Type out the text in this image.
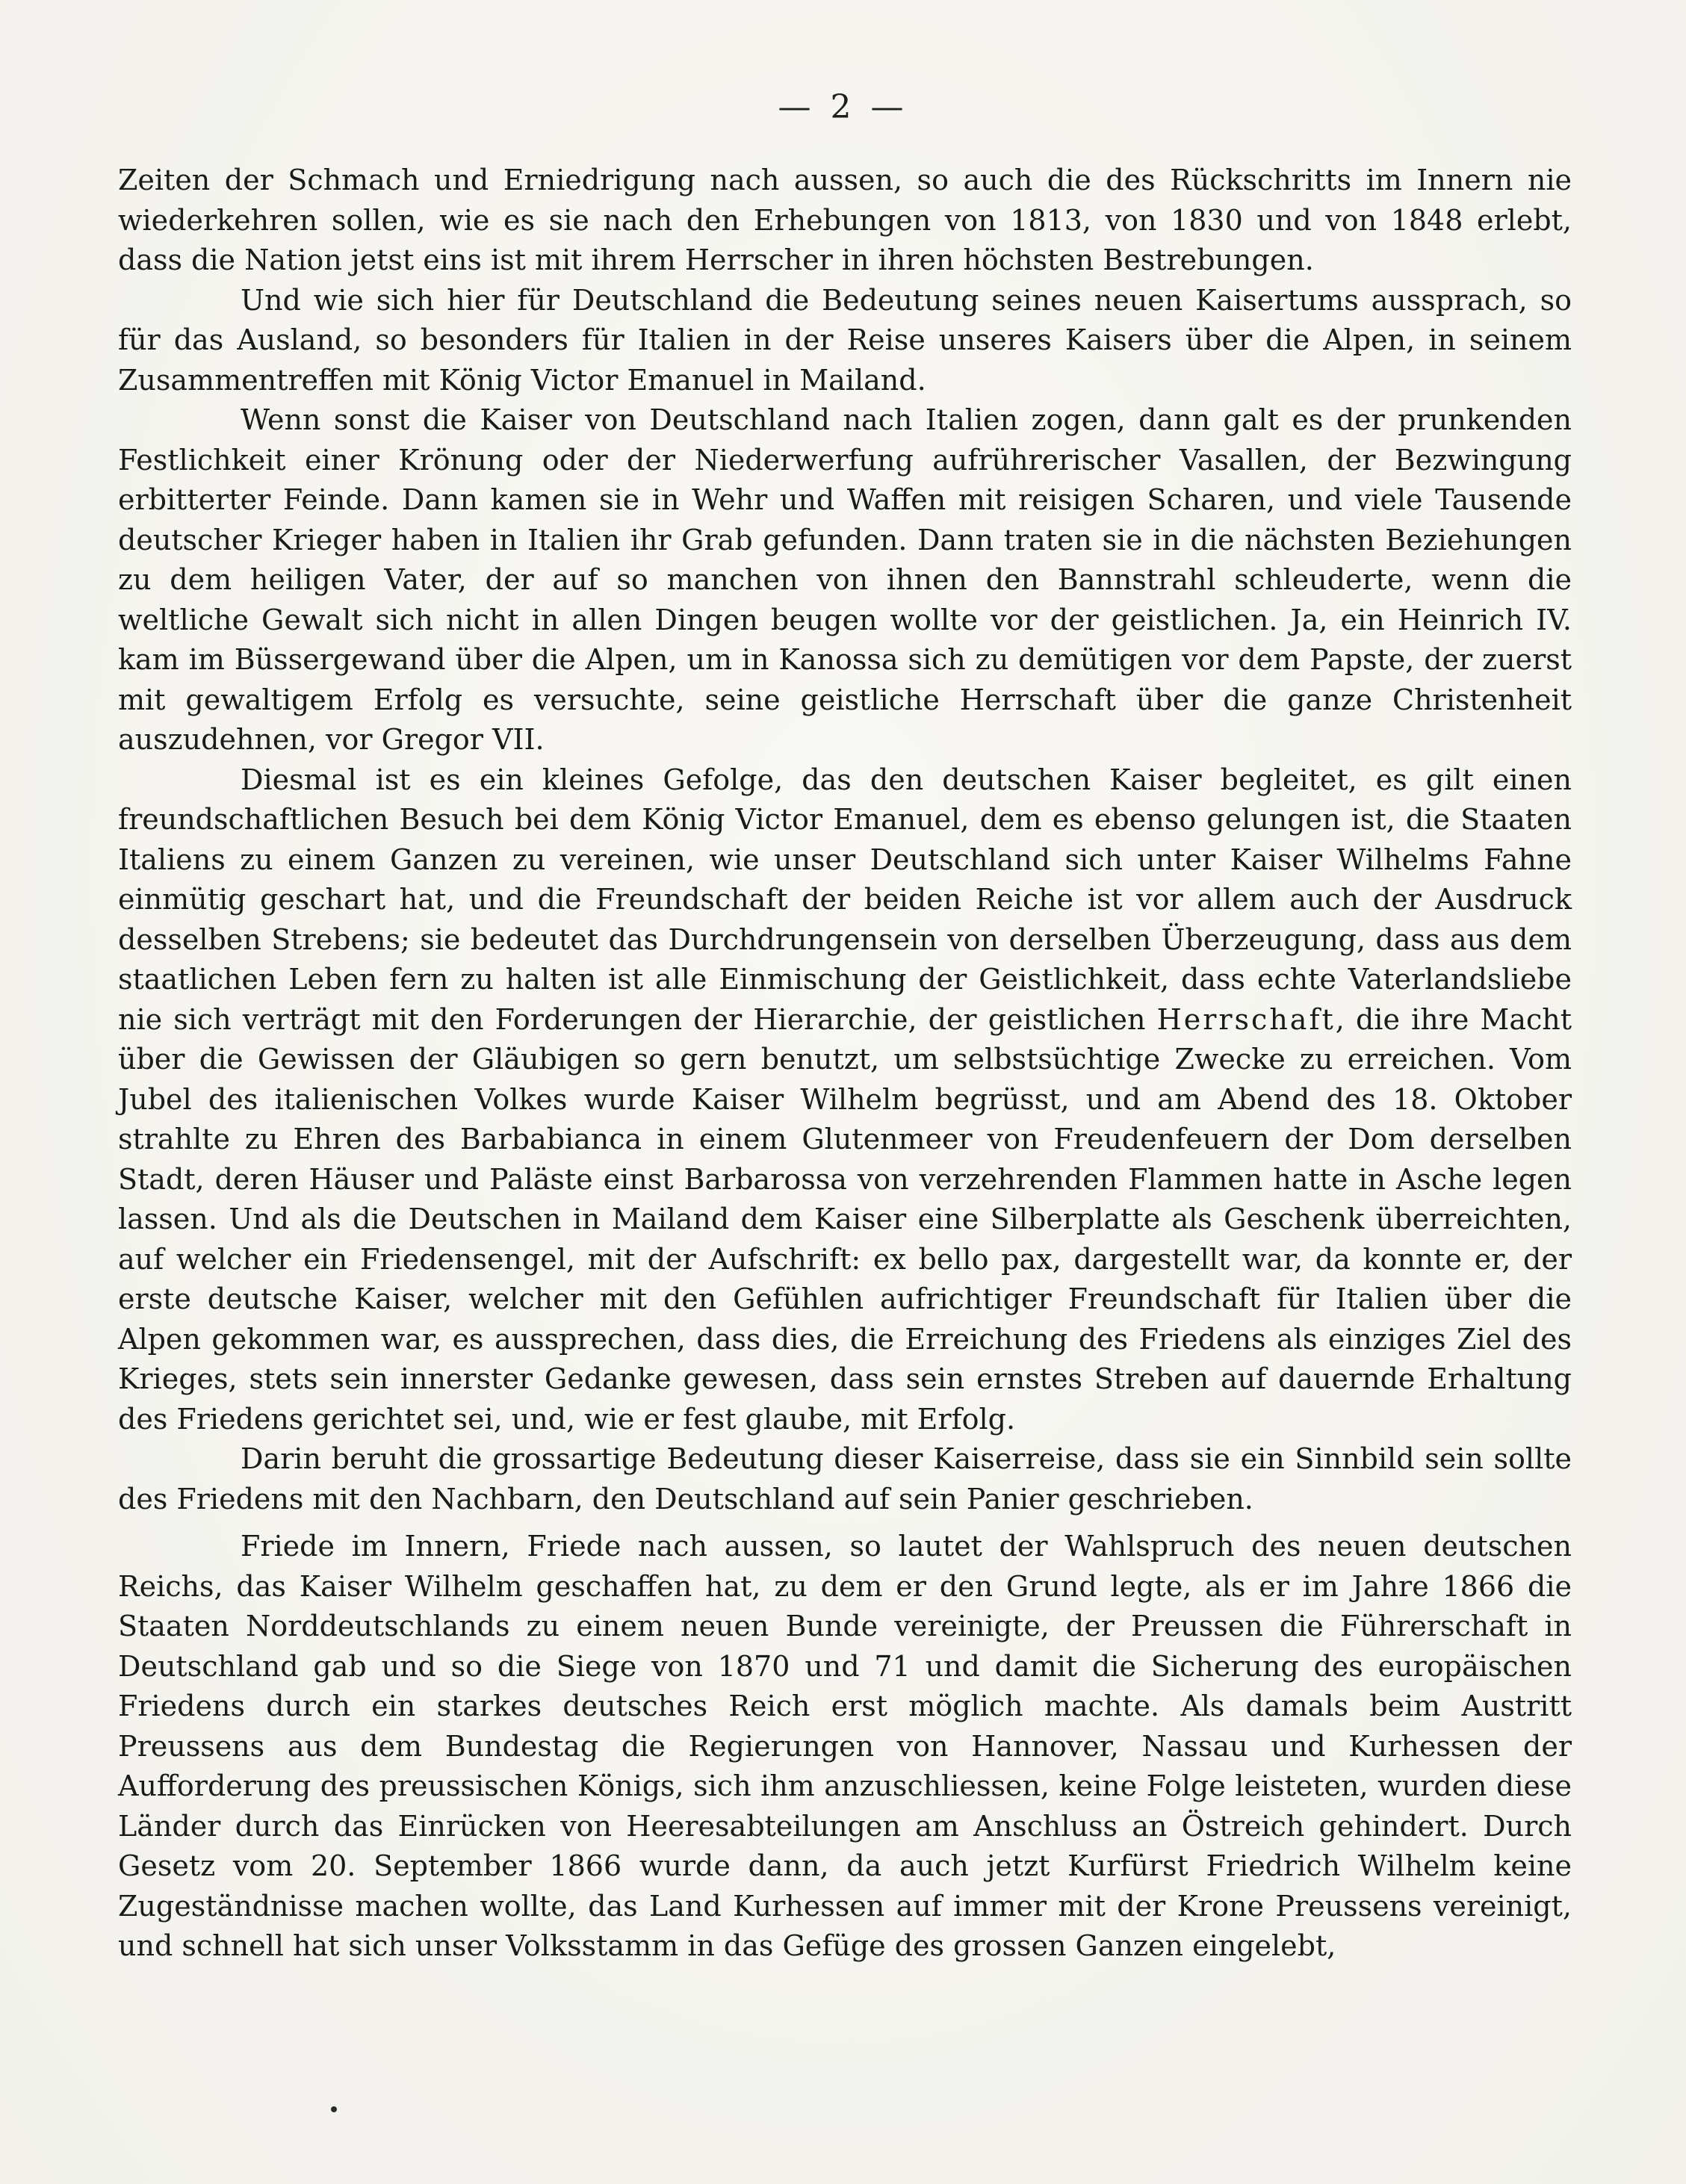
— 2 —

Zeiten der Schmach und Erniedrigung nach aussen, so auch die des Rückschritts im Innern nie wiederkehren sollen, wie es sie nach den Erhebungen von 1813, von 1830 und von 1848 erlebt, dass die Nation jetst eins ist mit ihrem Herrscher in ihren höchsten Bestrebungen.

Und wie sich hier für Deutschland die Bedeutung seines neuen Kaisertums aussprach, so für das Ausland, so besonders für Italien in der Reise unseres Kaisers über die Alpen, in seinem Zusammentreffen mit König Victor Emanuel in Mailand.

Wenn sonst die Kaiser von Deutschland nach Italien zogen, dann galt es der prunkenden Festlichkeit einer Krönung oder der Niederwerfung aufrührerischer Vasallen, der Bezwingung erbitterter Feinde. Dann kamen sie in Wehr und Waffen mit reisigen Scharen, und viele Tausende deutscher Krieger haben in Italien ihr Grab gefunden. Dann traten sie in die nächsten Beziehungen zu dem heiligen Vater, der auf so manchen von ihnen den Bannstrahl schleuderte, wenn die weltliche Gewalt sich nicht in allen Dingen beugen wollte vor der geistlichen. Ja, ein Heinrich IV. kam im Büssergewand über die Alpen, um in Kanossa sich zu demütigen vor dem Papste, der zuerst mit gewaltigem Erfolg es versuchte, seine geistliche Herrschaft über die ganze Christenheit auszudehnen, vor Gregor VII.

Diesmal ist es ein kleines Gefolge, das den deutschen Kaiser begleitet, es gilt einen freundschaftlichen Besuch bei dem König Victor Emanuel, dem es ebenso gelungen ist, die Staaten Italiens zu einem Ganzen zu vereinen, wie unser Deutschland sich unter Kaiser Wilhelms Fahne einmütig geschart hat, und die Freundschaft der beiden Reiche ist vor allem auch der Ausdruck desselben Strebens; sie bedeutet das Durchdrungensein von derselben Überzeugung, dass aus dem staatlichen Leben fern zu halten ist alle Einmischung der Geistlichkeit, dass echte Vaterlandsliebe nie sich verträgt mit den Forderungen der Hierarchie, der geistlichen Herrschaft, die ihre Macht über die Gewissen der Gläubigen so gern benutzt, um selbstsüchtige Zwecke zu erreichen. Vom Jubel des italienischen Volkes wurde Kaiser Wilhelm begrüsst, und am Abend des 18. Oktober strahlte zu Ehren des Barbabianca in einem Glutenmeer von Freudenfeuern der Dom derselben Stadt, deren Häuser und Paläste einst Barbarossa von verzehrenden Flammen hatte in Asche legen lassen. Und als die Deutschen in Mailand dem Kaiser eine Silberplatte als Geschenk überreichten, auf welcher ein Friedensengel, mit der Aufschrift: ex bello pax, dargestellt war, da konnte er, der erste deutsche Kaiser, welcher mit den Gefühlen aufrichtiger Freundschaft für Italien über die Alpen gekommen war, es aussprechen, dass dies, die Erreichung des Friedens als einziges Ziel des Krieges, stets sein innerster Gedanke gewesen, dass sein ernstes Streben auf dauernde Erhaltung des Friedens gerichtet sei, und, wie er fest glaube, mit Erfolg.

Darin beruht die grossartige Bedeutung dieser Kaiserreise, dass sie ein Sinnbild sein sollte des Friedens mit den Nachbarn, den Deutschland auf sein Panier geschrieben.

Friede im Innern, Friede nach aussen, so lautet der Wahlspruch des neuen deutschen Reichs, das Kaiser Wilhelm geschaffen hat, zu dem er den Grund legte, als er im Jahre 1866 die Staaten Norddeutschlands zu einem neuen Bunde vereinigte, der Preussen die Führerschaft in Deutschland gab und so die Siege von 1870 und 71 und damit die Sicherung des europäischen Friedens durch ein starkes deutsches Reich erst möglich machte. Als damals beim Austritt Preussens aus dem Bundestag die Regierungen von Hannover, Nassau und Kurhessen der Aufforderung des preussischen Königs, sich ihm anzuschliessen, keine Folge leisteten, wurden diese Länder durch das Einrücken von Heeresabteilungen am Anschluss an Östreich gehindert. Durch Gesetz vom 20. September 1866 wurde dann, da auch jetzt Kurfürst Friedrich Wilhelm keine Zugeständnisse machen wollte, das Land Kurhessen auf immer mit der Krone Preussens vereinigt, und schnell hat sich unser Volksstamm in das Gefüge des grossen Ganzen eingelebt,
